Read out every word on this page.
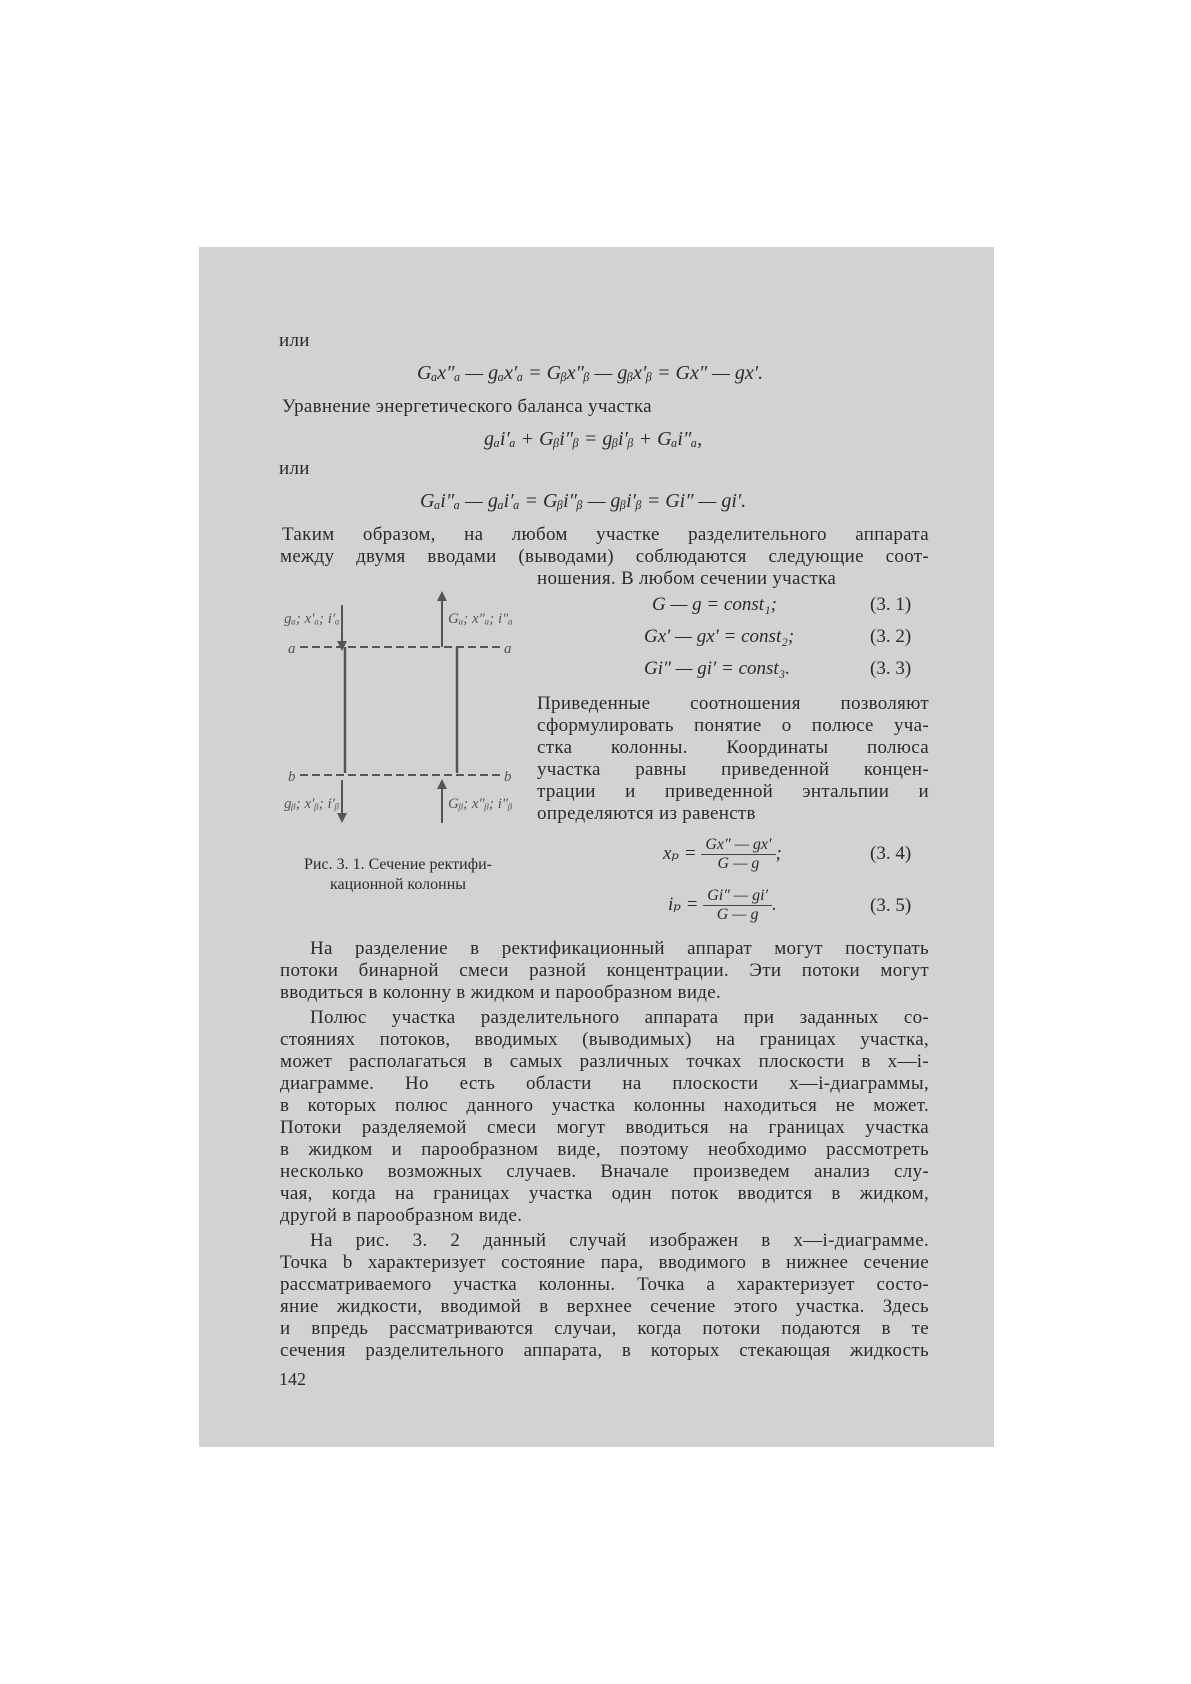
или
Gₐx″ₐ — gₐx′ₐ = Gᵦx″ᵦ — gᵦx′ᵦ = Gx″ — gx′.
Уравнение энергетического баланса участка
gₐi′ₐ + Gᵦi″ᵦ = gᵦi′ᵦ + Gₐi″ₐ,
или
Gₐi″ₐ — gₐi′ₐ = Gᵦi″ᵦ — gᵦi′ᵦ = Gi″ — gi′.
Таким образом, на любом участке разделительного аппарата
между двумя вводами (выводами) соблюдаются следующие соот-
ношения. В любом сечении участка
gₐ; x′ₐ; i′ₐ	Gₐ; x″ₐ; i″ₐ
gᵦ; x′ᵦ; i′ᵦ	Gᵦ; x″ᵦ; i″ᵦ
a	a
b	b
Рис. 3. 1. Сечение ректифи-
кационной колонны
G — g = const₁;	(3. 1)
Gx′ — gx′ = const₂;	(3. 2)
Gi″ — gi′ = const₃.	(3. 3)
Приведенные соотношения позволяют
сформулировать понятие о полюсе уча-
стка колонны. Координаты полюса
участка равны приведенной концен-
трации и приведенной энтальпии и
определяются из равенств
$x_p = \frac{Gx'' — gx'}{G — g}$ ;	(3. 4)
$i_p = \frac{Gi'' — gi'}{G — g}$ .	(3. 5)
На разделение в ректификационный аппарат могут поступать
потоки бинарной смеси разной концентрации. Эти потоки могут
вводиться в колонну в жидком и парообразном виде.
Полюс участка разделительного аппарата при заданных со-
стояниях потоков, вводимых (выводимых) на границах участка,
может располагаться в самых различных точках плоскости в x—i-
диаграмме. Но есть области на плоскости x—i-диаграммы,
в которых полюс данного участка колонны находиться не может.
Потоки разделяемой смеси могут вводиться на границах участка
в жидком и парообразном виде, поэтому необходимо рассмотреть
несколько возможных случаев. Вначале произведем анализ слу-
чая, когда на границах участка один поток вводится в жидком,
другой в парообразном виде.
На рис. 3. 2 данный случай изображен в x—i-диаграмме.
Точка b характеризует состояние пара, вводимого в нижнее сечение
рассматриваемого участка колонны. Точка a характеризует состо-
яние жидкости, вводимой в верхнее сечение этого участка. Здесь
и впредь рассматриваются случаи, когда потоки подаются в те
сечения разделительного аппарата, в которых стекающая жидкость
142
